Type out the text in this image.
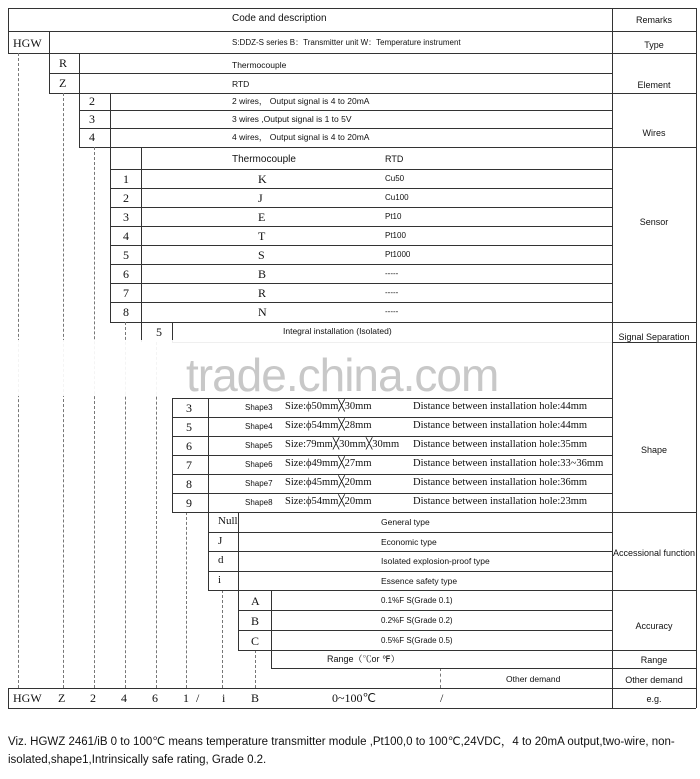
Code and description	Remarks
HGW	S:DDZ-S series B：Transmitter unit W：Temperature instrument	Type
R	Thermocouple
Z	RTD	Element
2	2 wires， Output signal is 4 to 20mA
3	3 wires ,Output signal is 1 to 5V
4	4 wires， Output signal is 4 to 20mA	Wires
Thermocouple	RTD
1	K	Cu50
2	J	Cu100
3	E	Pt10
4	T	Pt100
5	S	Pt1000
6	B	-----
7	R	-----
8	N	-----
Sensor
5	Integral installation (Isolated)
Signal Separation
trade.china.com
3	Shape3 Size:ϕ50mm╳30mm	Distance between installation hole:44mm
5	Shape4 Size:ϕ54mm╳28mm	Distance between installation hole:44mm
6	Shape5 Size:79mm╳30mm╳30mm Distance between installation hole:35mm
7	Shape6 Size:ϕ49mm╳27mm	Distance between installation hole:33~36mm
8	Shape7 Size:ϕ45mm╳20mm	Distance between installation hole:36mm
9	Shape8 Size:ϕ54mm╳20mm	Distance between installation hole:23mm
Shape
Null	General type
J	Economic type
d	Isolated explosion-proof type
i	Essence safety type
Accessional function
A	0.1%F S(Grade 0.1)
B	0.2%F S(Grade 0.2)
C	0.5%F S(Grade 0.5)
Accuracy
Range（℃or ℉）	Range
Other demand	Other demand
HGW Z 2 4 6 1 / i B	0~100℃	/	e.g.
Viz. HGWZ 2461/iB 0 to 100℃ means temperature transmitter module ,Pt100,0 to 100℃,24VDC，4 to 20mA output,two-wire, non-
isolated,shape1,Intrinsically safe rating, Grade 0.2.
